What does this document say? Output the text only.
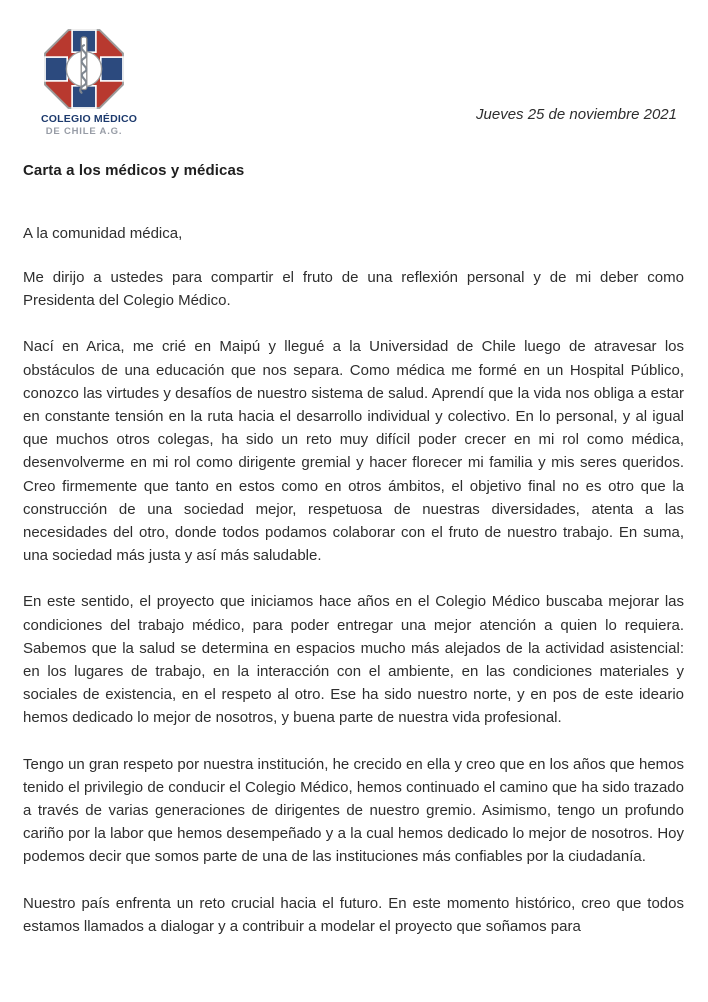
COLEGIO MÉDICO
DE CHILE A.G.
Jueves 25 de noviembre 2021
Carta a los médicos y médicas

A la comunidad médica,

Me dirijo a ustedes para compartir el fruto de una reflexión personal y de mi deber como Presidenta del Colegio Médico.

Nací en Arica, me crié en Maipú y llegué a la Universidad de Chile luego de atravesar los obstáculos de una educación que nos separa. Como médica me formé en un Hospital Público, conozco las virtudes y desafíos de nuestro sistema de salud. Aprendí que la vida nos obliga a estar en constante tensión en la ruta hacia el desarrollo individual y colectivo. En lo personal, y al igual que muchos otros colegas, ha sido un reto muy difícil poder crecer en mi rol como médica, desenvolverme en mi rol como dirigente gremial y hacer florecer mi familia y mis seres queridos. Creo firmemente que tanto en estos como en otros ámbitos, el objetivo final no es otro que la construcción de una sociedad mejor, respetuosa de nuestras diversidades, atenta a las necesidades del otro, donde todos podamos colaborar con el fruto de nuestro trabajo. En suma, una sociedad más justa y así más saludable.

En este sentido, el proyecto que iniciamos hace años en el Colegio Médico buscaba mejorar las condiciones del trabajo médico, para poder entregar una mejor atención a quien lo requiera. Sabemos que la salud se determina en espacios mucho más alejados de la actividad asistencial: en los lugares de trabajo, en la interacción con el ambiente, en las condiciones materiales y sociales de existencia, en el respeto al otro. Ese ha sido nuestro norte, y en pos de este ideario hemos dedicado lo mejor de nosotros, y buena parte de nuestra vida profesional.

Tengo un gran respeto por nuestra institución, he crecido en ella y creo que en los años que hemos tenido el privilegio de conducir el Colegio Médico, hemos continuado el camino que ha sido trazado a través de varias generaciones de dirigentes de nuestro gremio. Asimismo, tengo un profundo cariño por la labor que hemos desempeñado y a la cual hemos dedicado lo mejor de nosotros. Hoy podemos decir que somos parte de una de las instituciones más confiables por la ciudadanía.

Nuestro país enfrenta un reto crucial hacia el futuro. En este momento histórico, creo que todos estamos llamados a dialogar y a contribuir a modelar el proyecto que soñamos para
